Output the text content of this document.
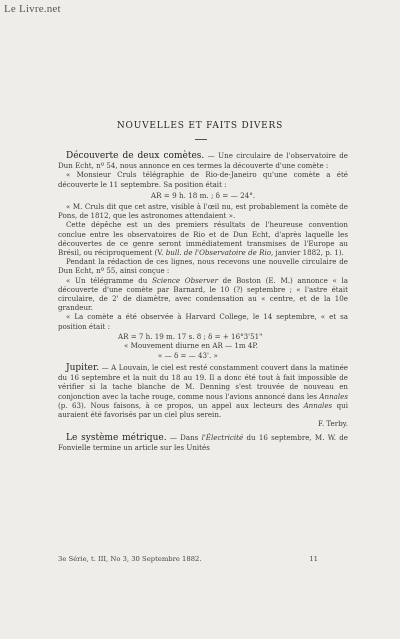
Le Livre.net
NOUVELLES ET FAITS DIVERS

Découverte de deux comètes. — Une circulaire de l'observatoire de Dun Echt, nº 54, nous annonce en ces termes la découverte d'une comète :

« Monsieur Cruls télégraphie de Rio-de-Janeiro qu'une comète a été découverte le 11 septembre. Sa position était :

AR = 9 h. 18 m. ; δ = — 24°.

« M. Cruls dit que cet astre, visible à l'œil nu, est probablement la comète de Pons, de 1812, que les astronomes attendaient ».

Cette dépêche est un des premiers résultats de l'heureuse convention conclue entre les observatoires de Rio et de Dun Echt, d'après laquelle les découvertes de ce genre seront immédiatement transmises de l'Europe au Brésil, ou réciproquement (V. bull. de l'Observatoire de Rio, janvier 1882, p. 1).

Pendant la rédaction de ces lignes, nous recevons une nouvelle circulaire de Dun Echt, nº 55, ainsi conçue :

« Un télégramme du Science Observer de Boston (E. M.) annonce « la découverte d'une comète par Barnard, le 10 (?) septembre ; « l'astre était circulaire, de 2' de diamètre, avec condensation au « centre, et de la 10e grandeur.

« La comète a été observée à Harvard College, le 14 septembre, « et sa position était :

AR = 7 h. 19 m. 17 s. 8 ; δ = + 16°3'51"
« Mouvement diurne en AR — 1m 4P.
« — δ = — 43'. »

Jupiter. — A Louvain, le ciel est resté constamment couvert dans la matinée du 16 septembre et la nuit du 18 au 19. Il a donc été tout à fait impossible de vérifier si la tache blanche de M. Denning s'est trouvée de nouveau en conjonction avec la tache rouge, comme nous l'avions annoncé dans les Annales (p. 63). Nous faisons, à ce propos, un appel aux lecteurs des Annales qui auraient été favorisés par un ciel plus serein.

F. Terby.

Le système métrique. — Dans l'Électricité du 16 septembre, M. W. de Fonvielle termine un article sur les Unités

3e Série, t. III, No 3, 30 Septembre 1882.	11
